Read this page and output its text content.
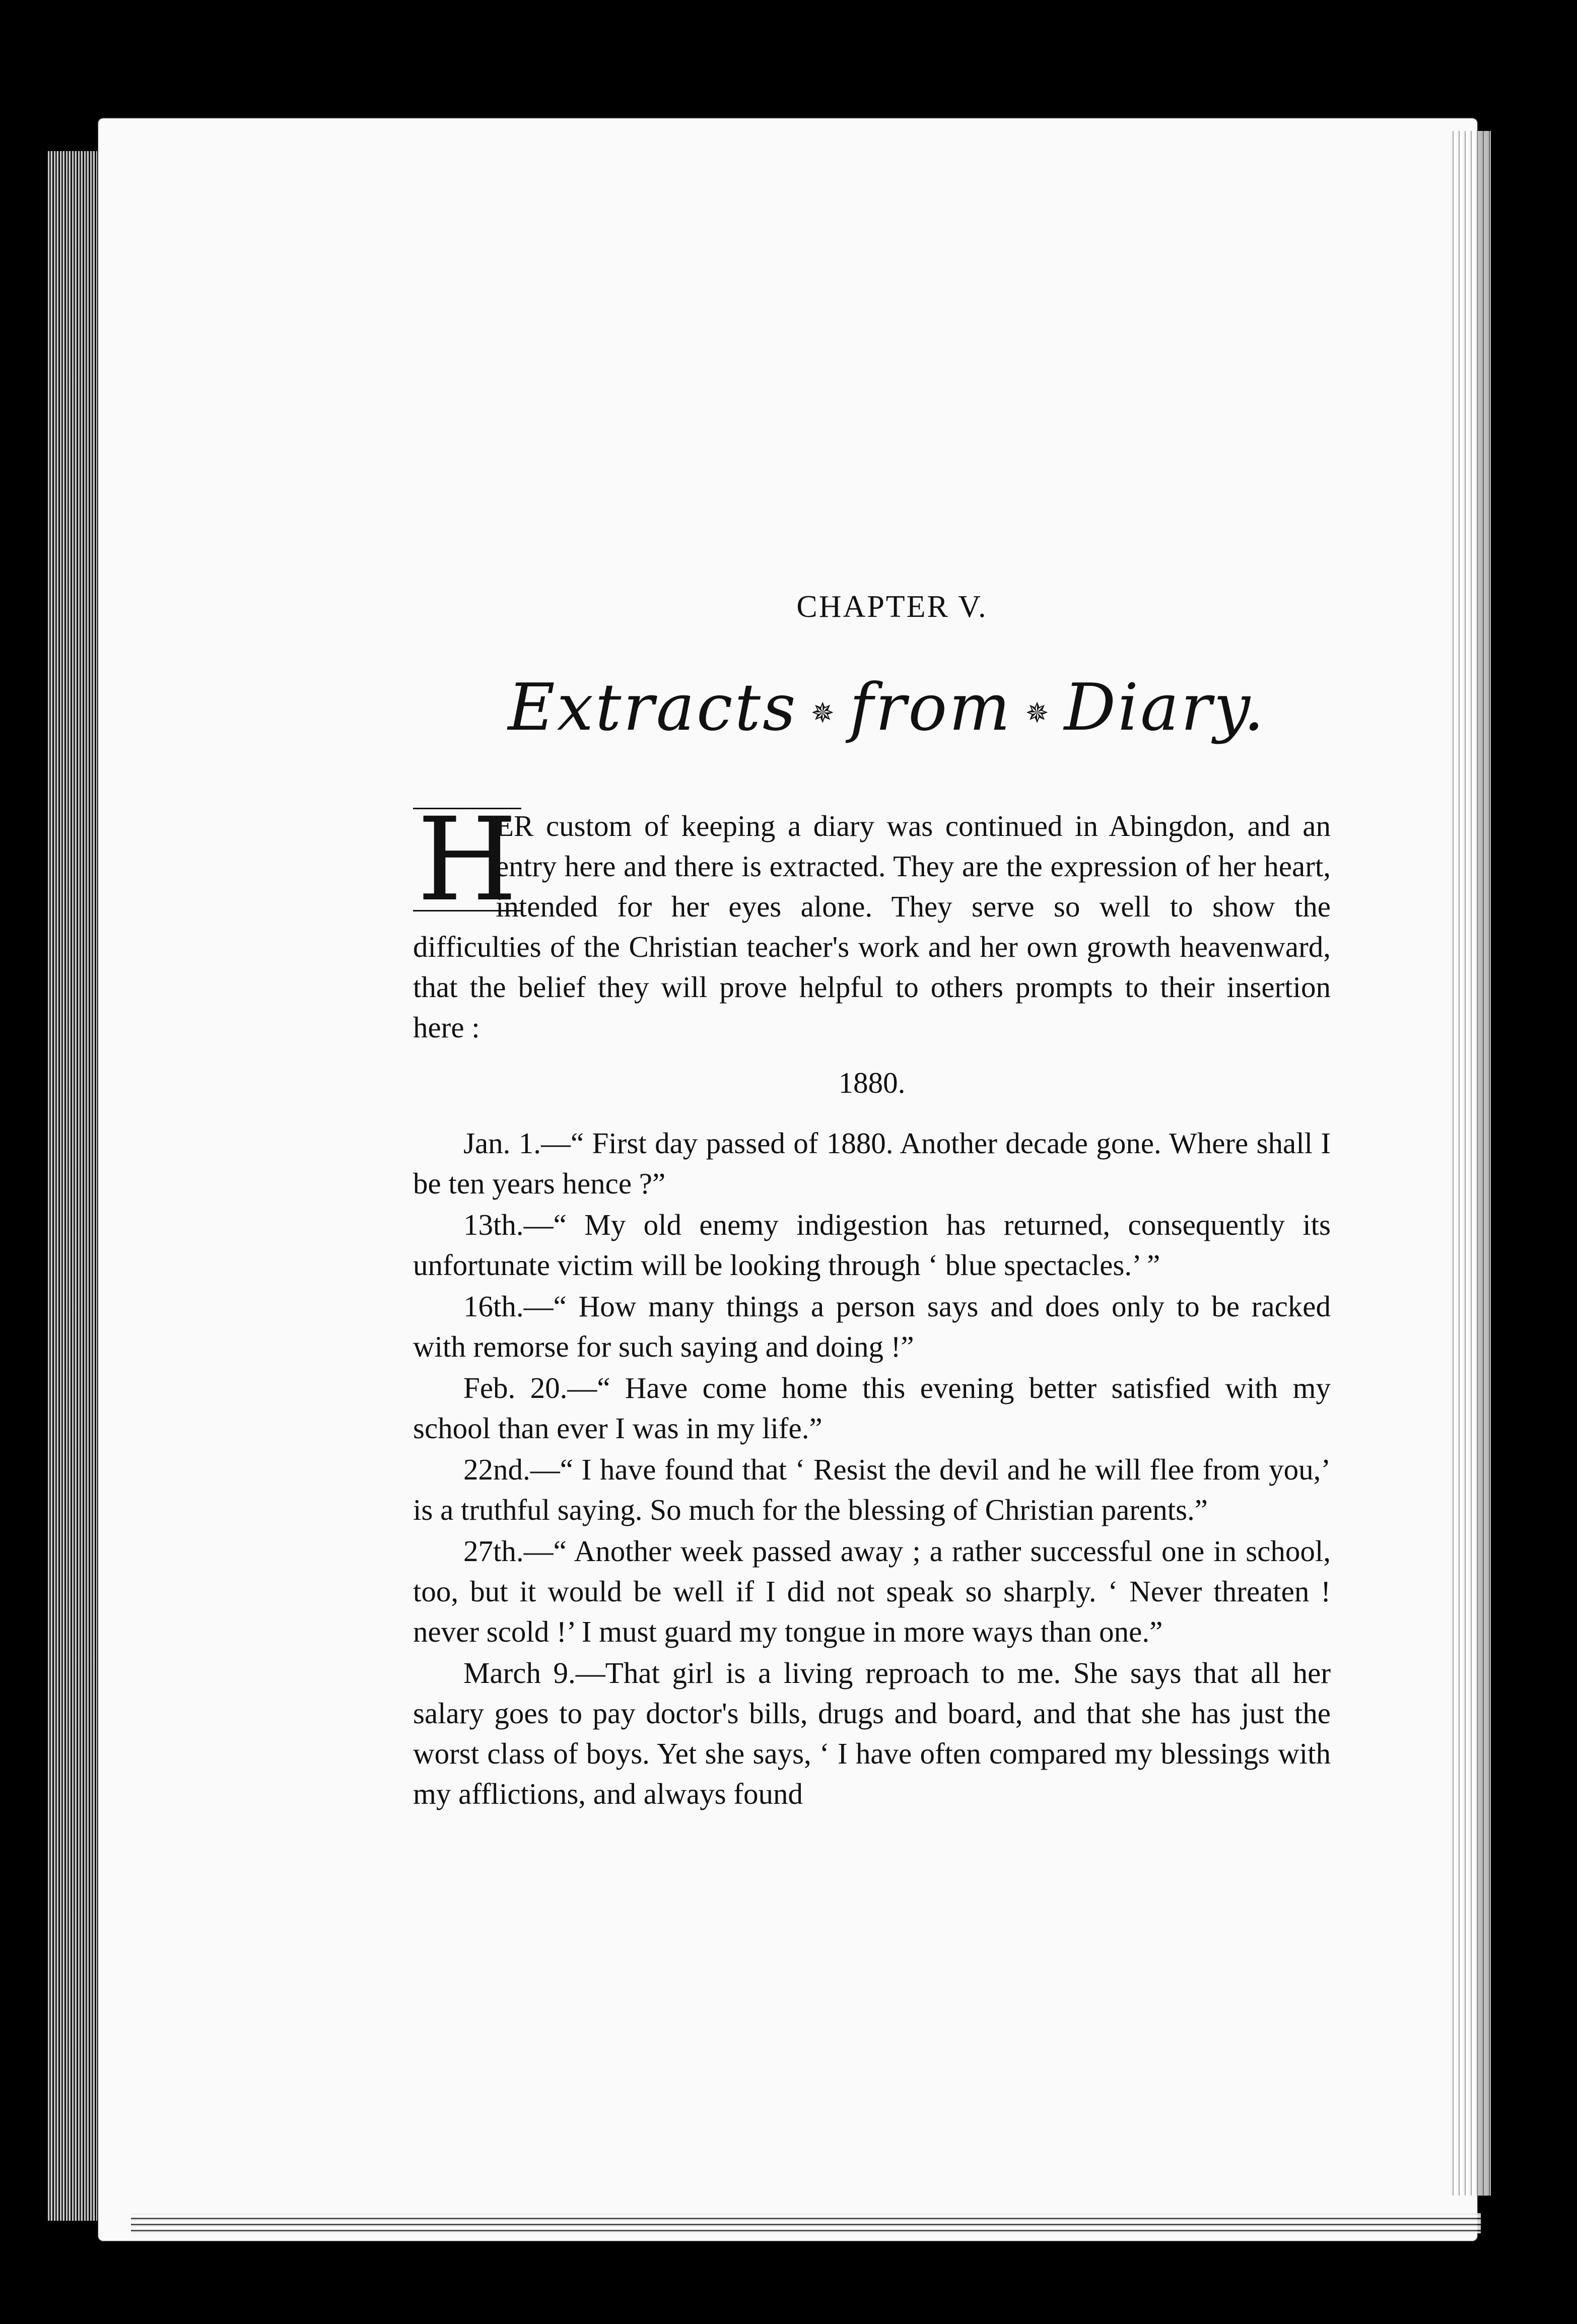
CHAPTER V.
Extracts ✵ from ✵ Diary.

H
ER custom of keeping a diary was continued in Abingdon, and an entry here and there is extracted. They are the expression of her heart, intended for her eyes alone. They serve so well to show the difficulties of the Christian teacher's work and her own growth heavenward, that the belief they will prove helpful to others prompts to their insertion here :

1880.

Jan. 1.—“ First day passed of 1880. Another decade gone. Where shall I be ten years hence ?”

13th.—“ My old enemy indigestion has returned, consequently its unfortunate victim will be looking through ‘ blue spectacles.’ ”

16th.—“ How many things a person says and does only to be racked with remorse for such saying and doing !”

Feb. 20.—“ Have come home this evening better satisfied with my school than ever I was in my life.”

22nd.—“ I have found that ‘ Resist the devil and he will flee from you,’ is a truthful saying. So much for the blessing of Christian parents.”

27th.—“ Another week passed away ; a rather successful one in school, too, but it would be well if I did not speak so sharply. ‘ Never threaten ! never scold !’ I must guard my tongue in more ways than one.”

March 9.—That girl is a living reproach to me. She says that all her salary goes to pay doctor's bills, drugs and board, and that she has just the worst class of boys. Yet she says, ‘ I have often compared my blessings with my afflictions, and always found
